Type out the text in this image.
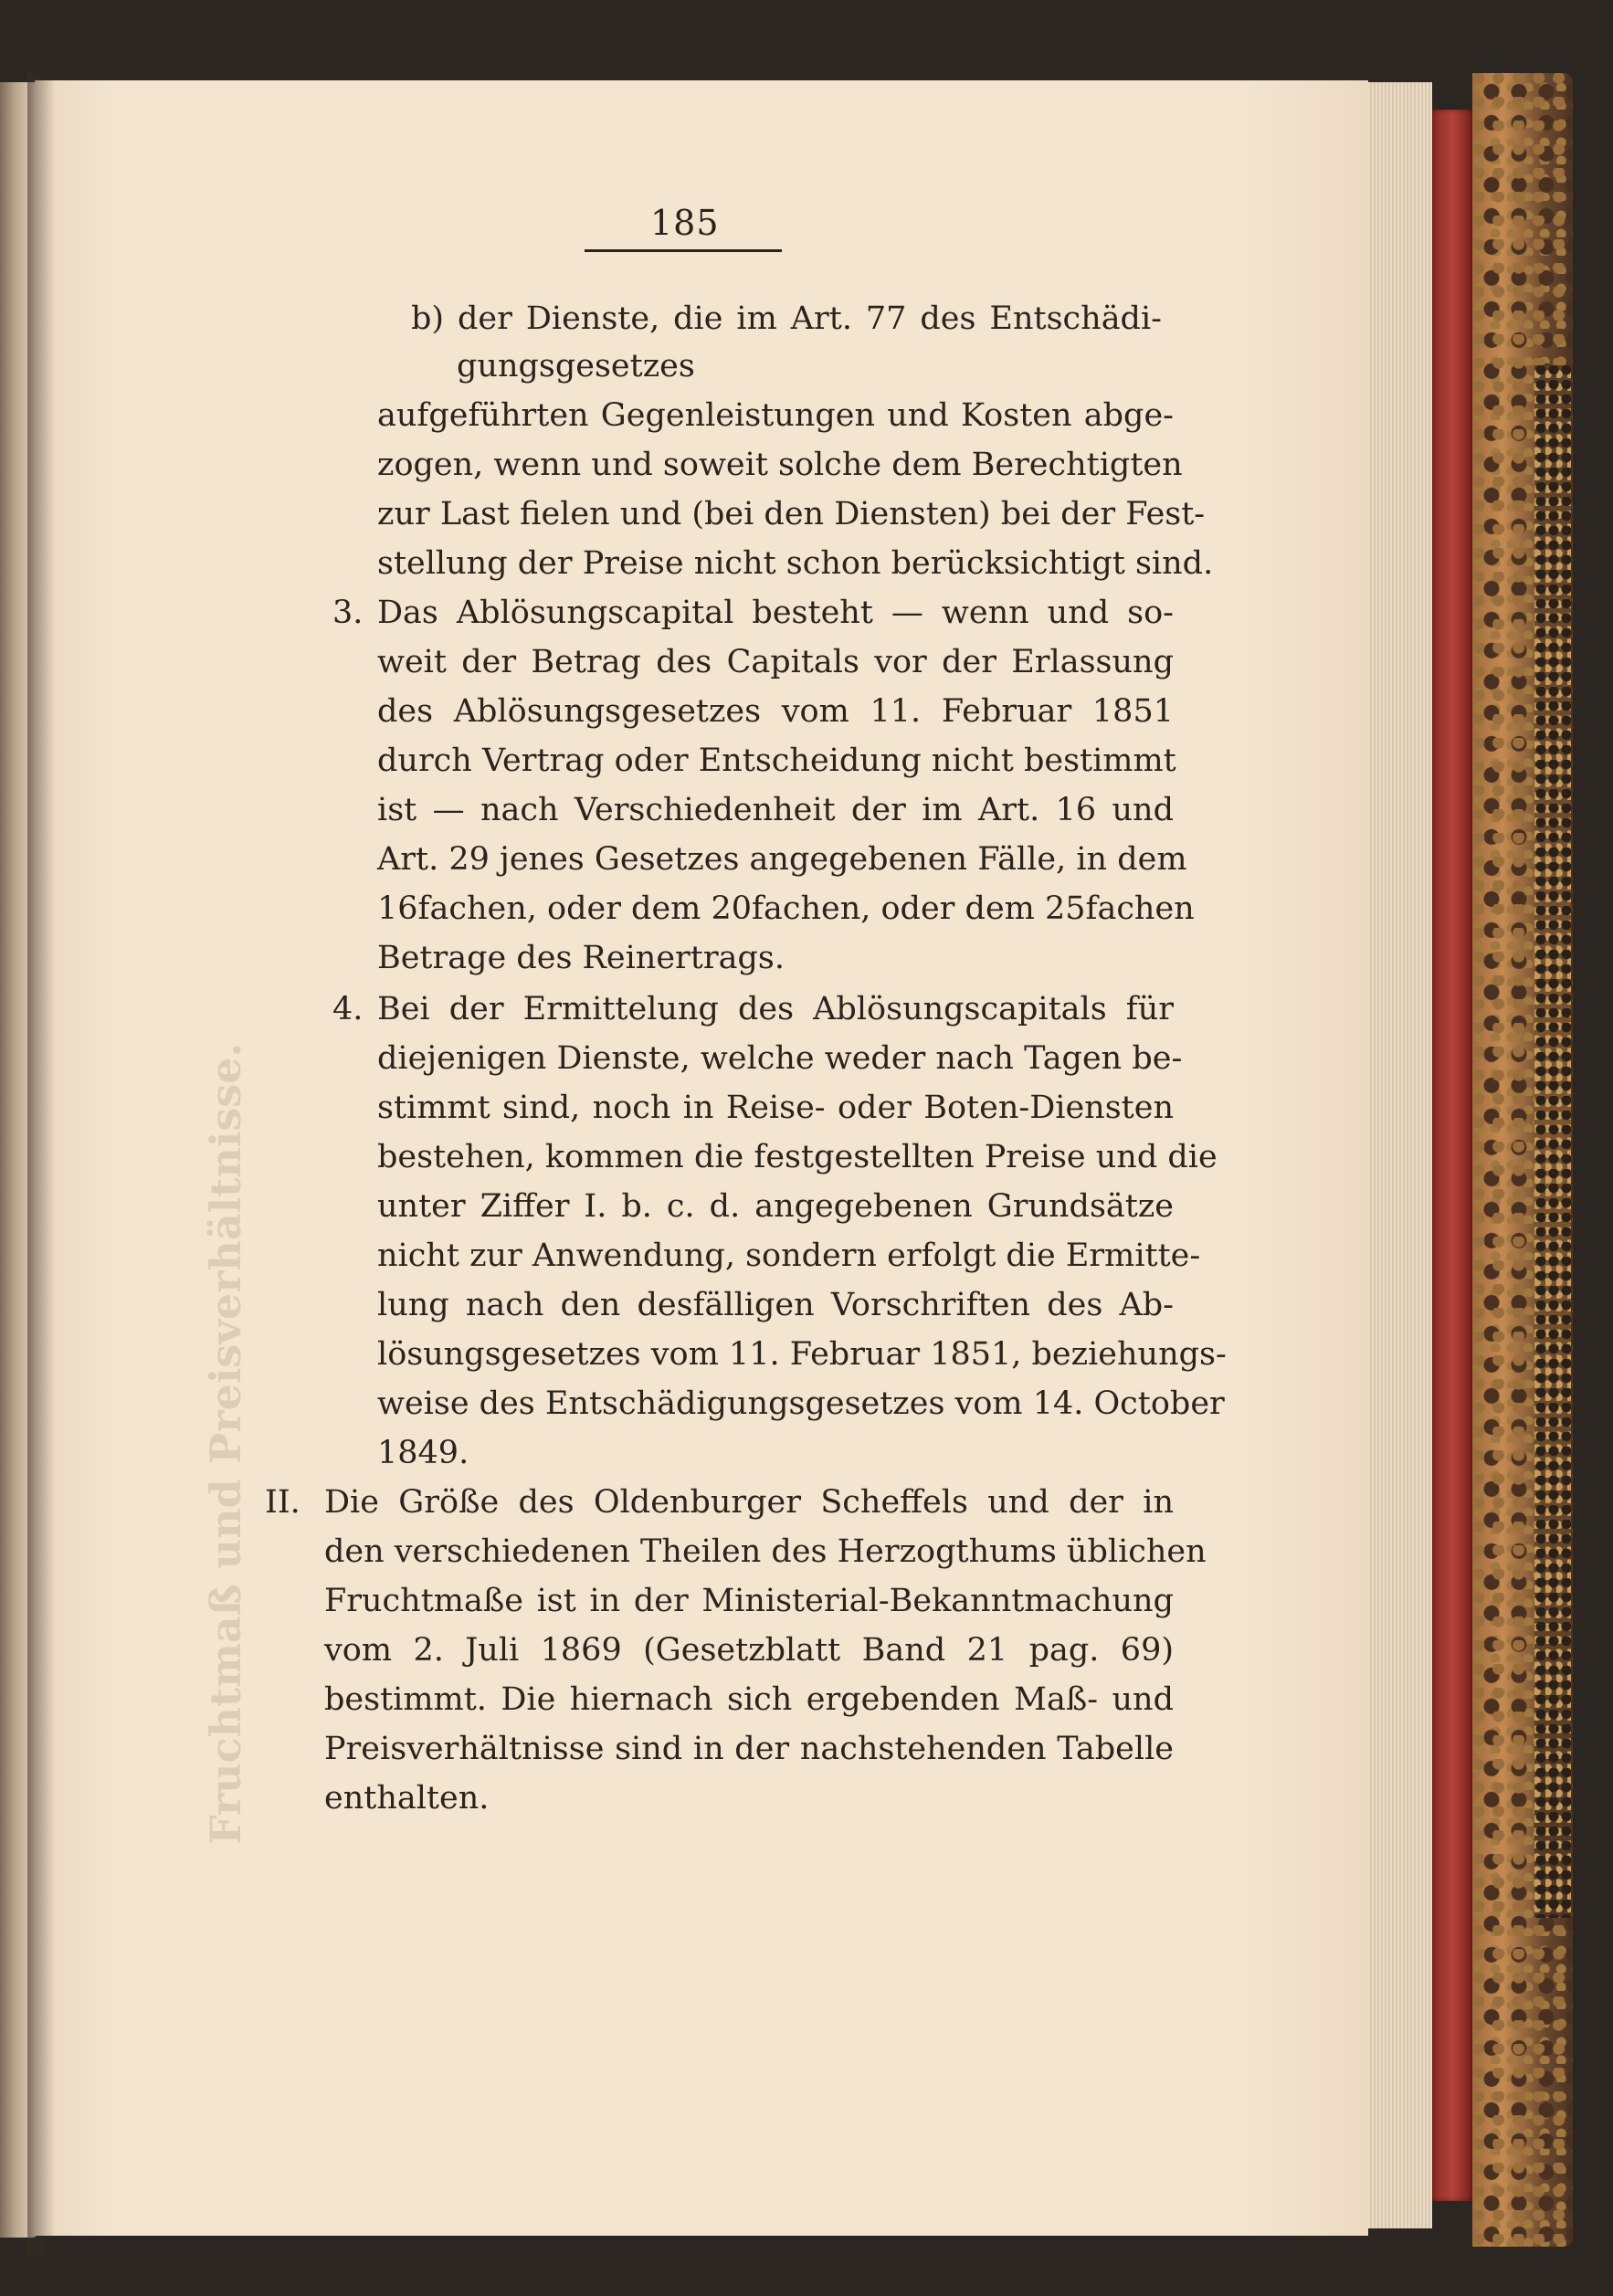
Fruchtmaß und Preisverhältnisse.
185
b) der Dienste, die im Art. 77 des Entschädi-
gungsgesetzes
aufgeführten Gegenleistungen und Kosten abge-
zogen, wenn und soweit solche dem Berechtigten
zur Last fielen und (bei den Diensten) bei der Fest-
stellung der Preise nicht schon berücksichtigt sind.
3. Das Ablösungscapital besteht — wenn und so-
weit der Betrag des Capitals vor der Erlassung
des Ablösungsgesetzes vom 11. Februar 1851
durch Vertrag oder Entscheidung nicht bestimmt
ist — nach Verschiedenheit der im Art. 16 und
Art. 29 jenes Gesetzes angegebenen Fälle, in dem
16fachen, oder dem 20fachen, oder dem 25fachen
Betrage des Reinertrags.
4. Bei der Ermittelung des Ablösungscapitals für
diejenigen Dienste, welche weder nach Tagen be-
stimmt sind, noch in Reise- oder Boten-Diensten
bestehen, kommen die festgestellten Preise und die
unter Ziffer I. b. c. d. angegebenen Grundsätze
nicht zur Anwendung, sondern erfolgt die Ermitte-
lung nach den desfälligen Vorschriften des Ab-
lösungsgesetzes vom 11. Februar 1851, beziehungs-
weise des Entschädigungsgesetzes vom 14. October
1849.
II. Die Größe des Oldenburger Scheffels und der in
den verschiedenen Theilen des Herzogthums üblichen
Fruchtmaße ist in der Ministerial-Bekanntmachung
vom 2. Juli 1869 (Gesetzblatt Band 21 pag. 69)
bestimmt. Die hiernach sich ergebenden Maß- und
Preisverhältnisse sind in der nachstehenden Tabelle
enthalten.
